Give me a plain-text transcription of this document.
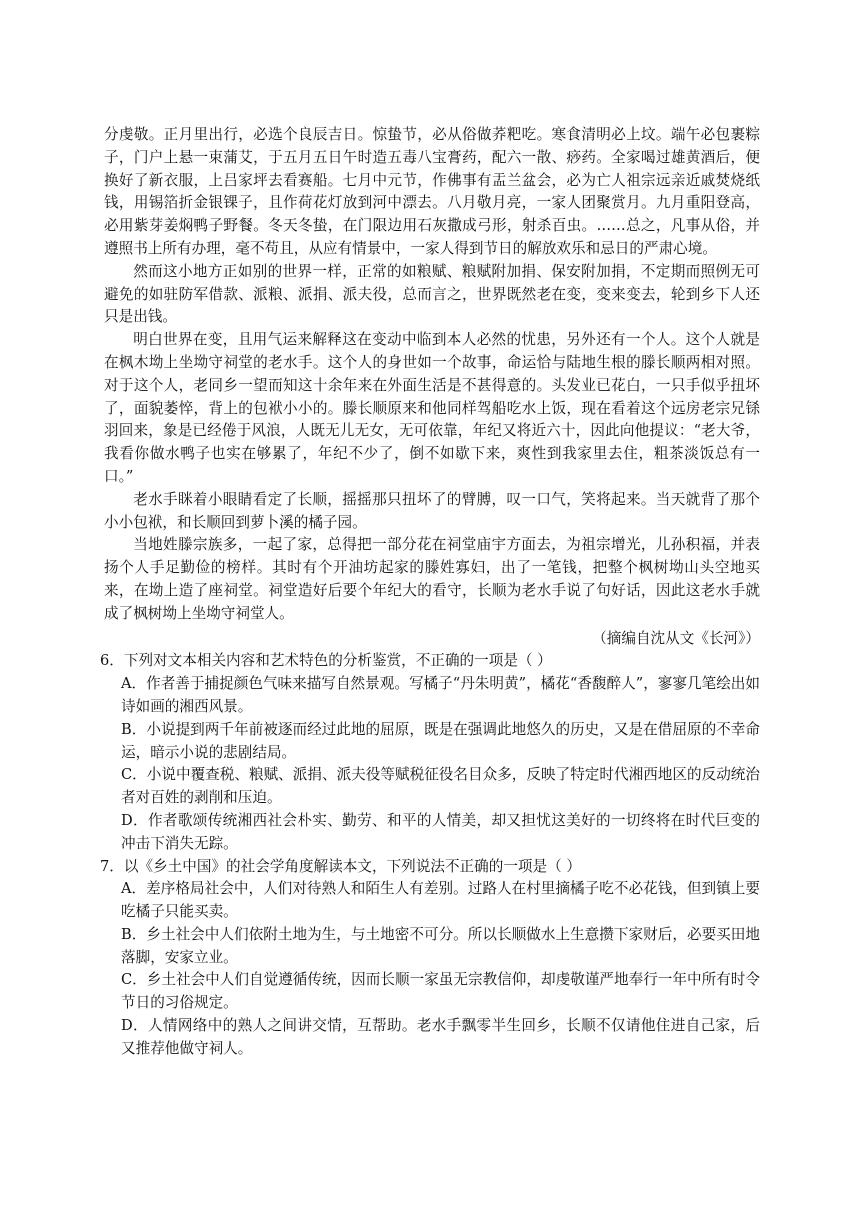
分虔敬。正月里出行，必选个良辰吉日。惊蛰节，必从俗做荞粑吃。寒食清明必上坟。端午必包裹粽子，门户上悬一束蒲艾，于五月五日午时造五毒八宝膏药，配六一散、痧药。全家喝过雄黄酒后，便换好了新衣服，上吕家坪去看赛船。七月中元节，作佛事有盂兰盆会，必为亡人祖宗远亲近戚焚烧纸钱，用锡箔折金银锞子，且作荷花灯放到河中漂去。八月敬月亮，一家人团聚赏月。九月重阳登高，必用紫芽姜焖鸭子野餐。冬天冬蛰，在门限边用石灰撒成弓形，射杀百虫。……总之，凡事从俗，并遵照书上所有办理，毫不苟且，从应有情景中，一家人得到节日的解放欢乐和忌日的严肃心境。

然而这小地方正如别的世界一样，正常的如粮赋、粮赋附加捐、保安附加捐，不定期而照例无可避免的如驻防军借款、派粮、派捐、派夫役，总而言之，世界既然老在变，变来变去，轮到乡下人还只是出钱。

明白世界在变，且用气运来解释这在变动中临到本人必然的忧患，另外还有一个人。这个人就是在枫木坳上坐坳守祠堂的老水手。这个人的身世如一个故事，命运恰与陆地生根的滕长顺两相对照。对于这个人，老同乡一望而知这十余年来在外面生活是不甚得意的。头发业已花白，一只手似乎扭坏了，面貌萎悴，背上的包袱小小的。滕长顺原来和他同样驾船吃水上饭，现在看着这个远房老宗兄铩羽回来，象是已经倦于风浪，人既无儿无女，无可依靠，年纪又将近六十，因此向他提议：“老大爷，我看你做水鸭子也实在够累了，年纪不少了，倒不如歇下来，爽性到我家里去住，粗茶淡饭总有一口。”

老水手眯着小眼睛看定了长顺，摇摇那只扭坏了的臂膊，叹一口气，笑将起来。当天就背了那个小小包袱，和长顺回到萝卜溪的橘子园。

当地姓滕宗族多，一起了家，总得把一部分花在祠堂庙宇方面去，为祖宗增光，儿孙积福，并表扬个人手足勤俭的榜样。其时有个开油坊起家的滕姓寡妇，出了一笔钱，把整个枫树坳山头空地买来，在坳上造了座祠堂。祠堂造好后要个年纪大的看守，长顺为老水手说了句好话，因此这老水手就成了枫树坳上坐坳守祠堂人。

（摘编自沈从文《长河》）

6．下列对文本相关内容和艺术特色的分析鉴赏，不正确的一项是（ ）

A．作者善于捕捉颜色气味来描写自然景观。写橘子“丹朱明黄”，橘花“香馥醉人”，寥寥几笔绘出如诗如画的湘西风景。

B．小说提到两千年前被逐而经过此地的屈原，既是在强调此地悠久的历史，又是在借屈原的不幸命运，暗示小说的悲剧结局。

C．小说中覆查税、粮赋、派捐、派夫役等赋税征役名目众多，反映了特定时代湘西地区的反动统治者对百姓的剥削和压迫。

D．作者歌颂传统湘西社会朴实、勤劳、和平的人情美，却又担忧这美好的一切终将在时代巨变的冲击下消失无踪。

7．以《乡土中国》的社会学角度解读本文，下列说法不正确的一项是（ ）

A．差序格局社会中，人们对待熟人和陌生人有差别。过路人在村里摘橘子吃不必花钱，但到镇上要吃橘子只能买卖。

B．乡土社会中人们依附土地为生，与土地密不可分。所以长顺做水上生意攒下家财后，必要买田地落脚，安家立业。

C．乡土社会中人们自觉遵循传统，因而长顺一家虽无宗教信仰，却虔敬谨严地奉行一年中所有时令节日的习俗规定。

D．人情网络中的熟人之间讲交情，互帮助。老水手飘零半生回乡，长顺不仅请他住进自己家，后又推荐他做守祠人。
